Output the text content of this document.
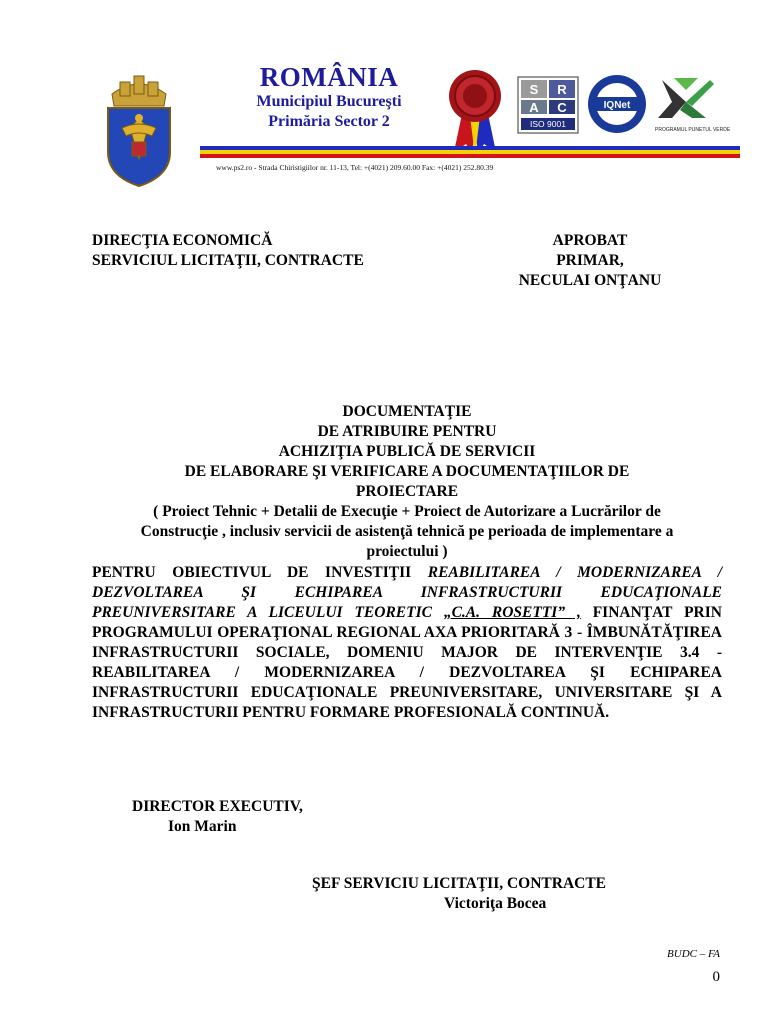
ROMÂNIA
Municipiul Bucureşti
Primăria Sector 2
S R
A C
ISO 9001
IQNet
PROGRAMUL PUNETUL VERDE
www.ps2.ro - Strada Chiristigiilor nr. 11-13, Tel: +(4021) 209.60.00 Fax: +(4021) 252.80.39
DIRECŢIA ECONOMICĂ
SERVICIUL LICITAŢII, CONTRACTE
APROBAT
PRIMAR,
NECULAI ONŢANU
DOCUMENTAŢIE
DE ATRIBUIRE PENTRU
ACHIZIŢIA PUBLICĂ DE SERVICII
DE ELABORARE ŞI VERIFICARE A DOCUMENTAŢIILOR DE
PROIECTARE
( Proiect Tehnic + Detalii de Execuţie + Proiect de Autorizare a Lucrărilor de
Construcţie , inclusiv servicii de asistenţă tehnică pe perioada de implementare a
proiectului )
PENTRU OBIECTIVUL DE INVESTIŢII REABILITAREA / MODERNIZAREA / DEZVOLTAREA ŞI ECHIPAREA INFRASTRUCTURII EDUCAŢIONALE PREUNIVERSITARE A LICEULUI TEORETIC „C.A. ROSETTI” , FINANŢAT PRIN PROGRAMULUI OPERAŢIONAL REGIONAL AXA PRIORITARĂ 3 - ÎMBUNĂTĂŢIREA INFRASTRUCTURII SOCIALE, DOMENIU MAJOR DE INTERVENŢIE 3.4 - REABILITAREA / MODERNIZAREA / DEZVOLTAREA ŞI ECHIPAREA INFRASTRUCTURII EDUCAŢIONALE PREUNIVERSITARE, UNIVERSITARE ŞI A INFRASTRUCTURII PENTRU FORMARE PROFESIONALĂ CONTINUĂ.
DIRECTOR EXECUTIV,
Ion Marin
ŞEF SERVICIU LICITAŢII, CONTRACTE
Victoriţa Bocea
BUDC – FA
0
